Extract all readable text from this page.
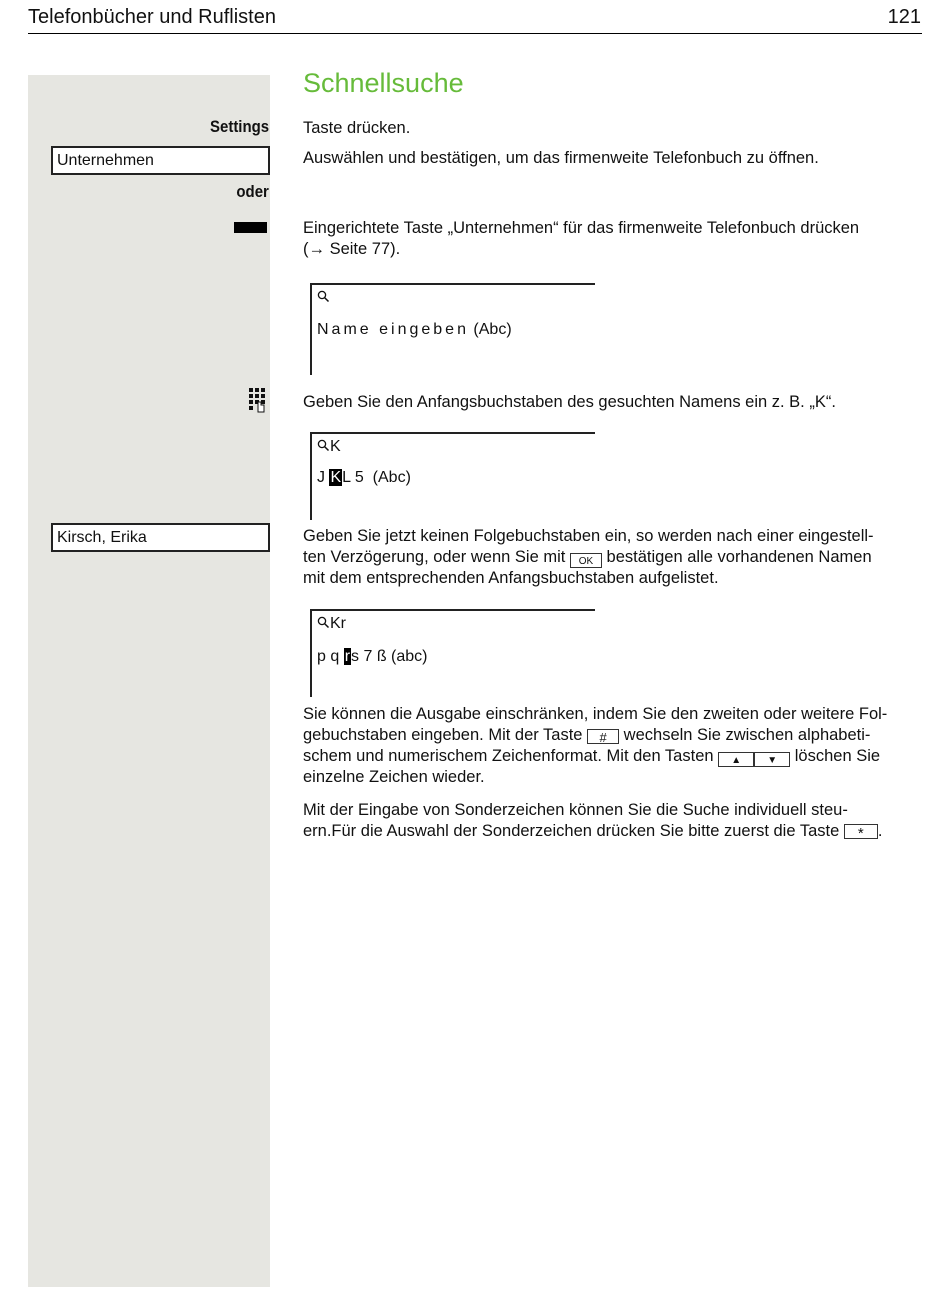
Telefonbücher und Ruflisten	121
Settings
Unternehmen
oder
Kirsch, Erika
Schnellsuche
Taste drücken.
Auswählen und bestätigen, um das firmenweite Telefonbuch zu öffnen.
Eingerichtete Taste „Unternehmen“ für das firmenweite Telefonbuch drücken
(→ Seite 77).
Name eingeben (Abc)
Geben Sie den Anfangsbuchstaben des gesuchten Namens ein z. B. „K“.
K
J KL 5 (Abc)
Geben Sie jetzt keinen Folgebuchstaben ein, so werden nach einer eingestell-
ten Verzögerung, oder wenn Sie mit OK bestätigen alle vorhandenen Namen
mit dem entsprechenden Anfangsbuchstaben aufgelistet.
Kr
p q rs 7 ß (abc)
Sie können die Ausgabe einschränken, indem Sie den zweiten oder weitere Fol-
gebuchstaben eingeben. Mit der Taste # wechseln Sie zwischen alphabeti-
schem und numerischem Zeichenformat. Mit den Tasten ▲	▼ löschen Sie
einzelne Zeichen wieder.
Mit der Eingabe von Sonderzeichen können Sie die Suche individuell steu-
ern.Für die Auswahl der Sonderzeichen drücken Sie bitte zuerst die Taste * .
